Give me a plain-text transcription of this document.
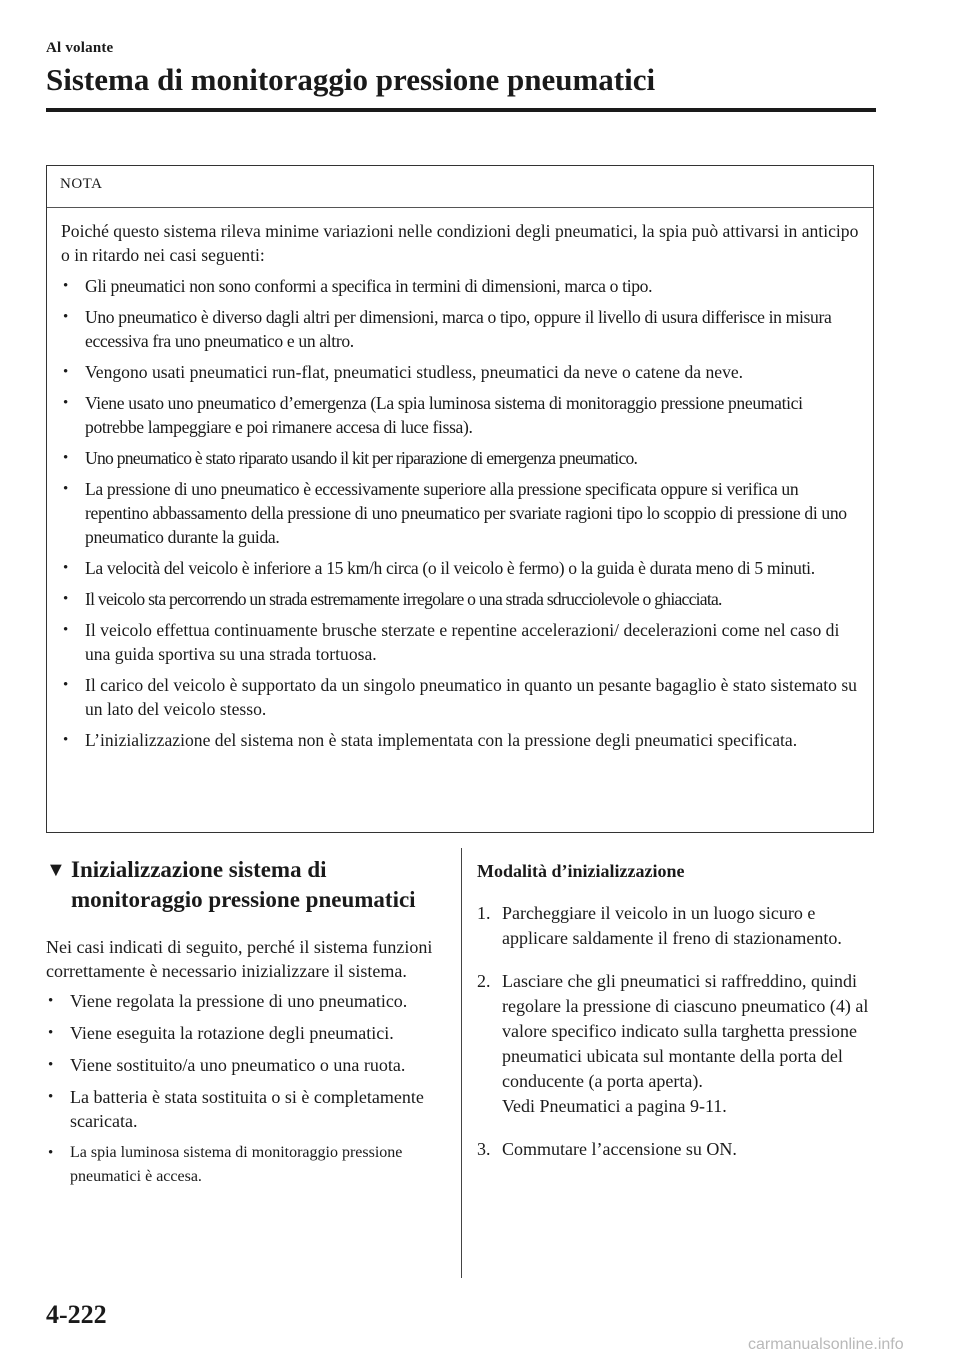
Al volante
Sistema di monitoraggio pressione pneumatici
NOTA

Poiché questo sistema rileva minime variazioni nelle condizioni degli pneumatici, la spia può attivarsi in anticipo o in ritardo nei casi seguenti:

• Gli pneumatici non sono conformi a specifica in termini di dimensioni, marca o tipo.
• Uno pneumatico è diverso dagli altri per dimensioni, marca o tipo, oppure il livello di usura differisce in misura eccessiva fra uno pneumatico e un altro.
• Vengono usati pneumatici run-flat, pneumatici studless, pneumatici da neve o catene da neve.
• Viene usato uno pneumatico d’emergenza (La spia luminosa sistema di monitoraggio pressione pneumatici potrebbe lampeggiare e poi rimanere accesa di luce fissa).
• Uno pneumatico è stato riparato usando il kit per riparazione di emergenza pneumatico.
• La pressione di uno pneumatico è eccessivamente superiore alla pressione specificata oppure si verifica un repentino abbassamento della pressione di uno pneumatico per svariate ragioni tipo lo scoppio di pressione di uno pneumatico durante la guida.
• La velocità del veicolo è inferiore a 15 km/h circa (o il veicolo è fermo) o la guida è durata meno di 5 minuti.
• Il veicolo sta percorrendo un strada estremamente irregolare o una strada sdrucciolevole o ghiacciata.
• Il veicolo effettua continuamente brusche sterzate e repentine accelerazioni/ decelerazioni come nel caso di una guida sportiva su una strada tortuosa.
• Il carico del veicolo è supportato da un singolo pneumatico in quanto un pesante bagaglio è stato sistemato su un lato del veicolo stesso.
• L’inizializzazione del sistema non è stata implementata con la pressione degli pneumatici specificata.
▼ Inizializzazione sistema di
monitoraggio pressione pneumatici

Nei casi indicati di seguito, perché il sistema funzioni correttamente è necessario inizializzare il sistema.

• Viene regolata la pressione di uno pneumatico.
• Viene eseguita la rotazione degli pneumatici.
• Viene sostituito/a uno pneumatico o una ruota.
• La batteria è stata sostituita o si è completamente scaricata.
• La spia luminosa sistema di monitoraggio pressione pneumatici è accesa.
Modalità d’inizializzazione
1. Parcheggiare il veicolo in un luogo sicuro e applicare saldamente il freno di stazionamento.
2. Lasciare che gli pneumatici si raffreddino, quindi regolare la pressione di ciascuno pneumatico (4) al valore specifico indicato sulla targhetta pressione pneumatici ubicata sul montante della porta del conducente (a porta aperta).
Vedi Pneumatici a pagina 9-11.
3. Commutare l’accensione su ON.
4-222
carmanualsonline.info
